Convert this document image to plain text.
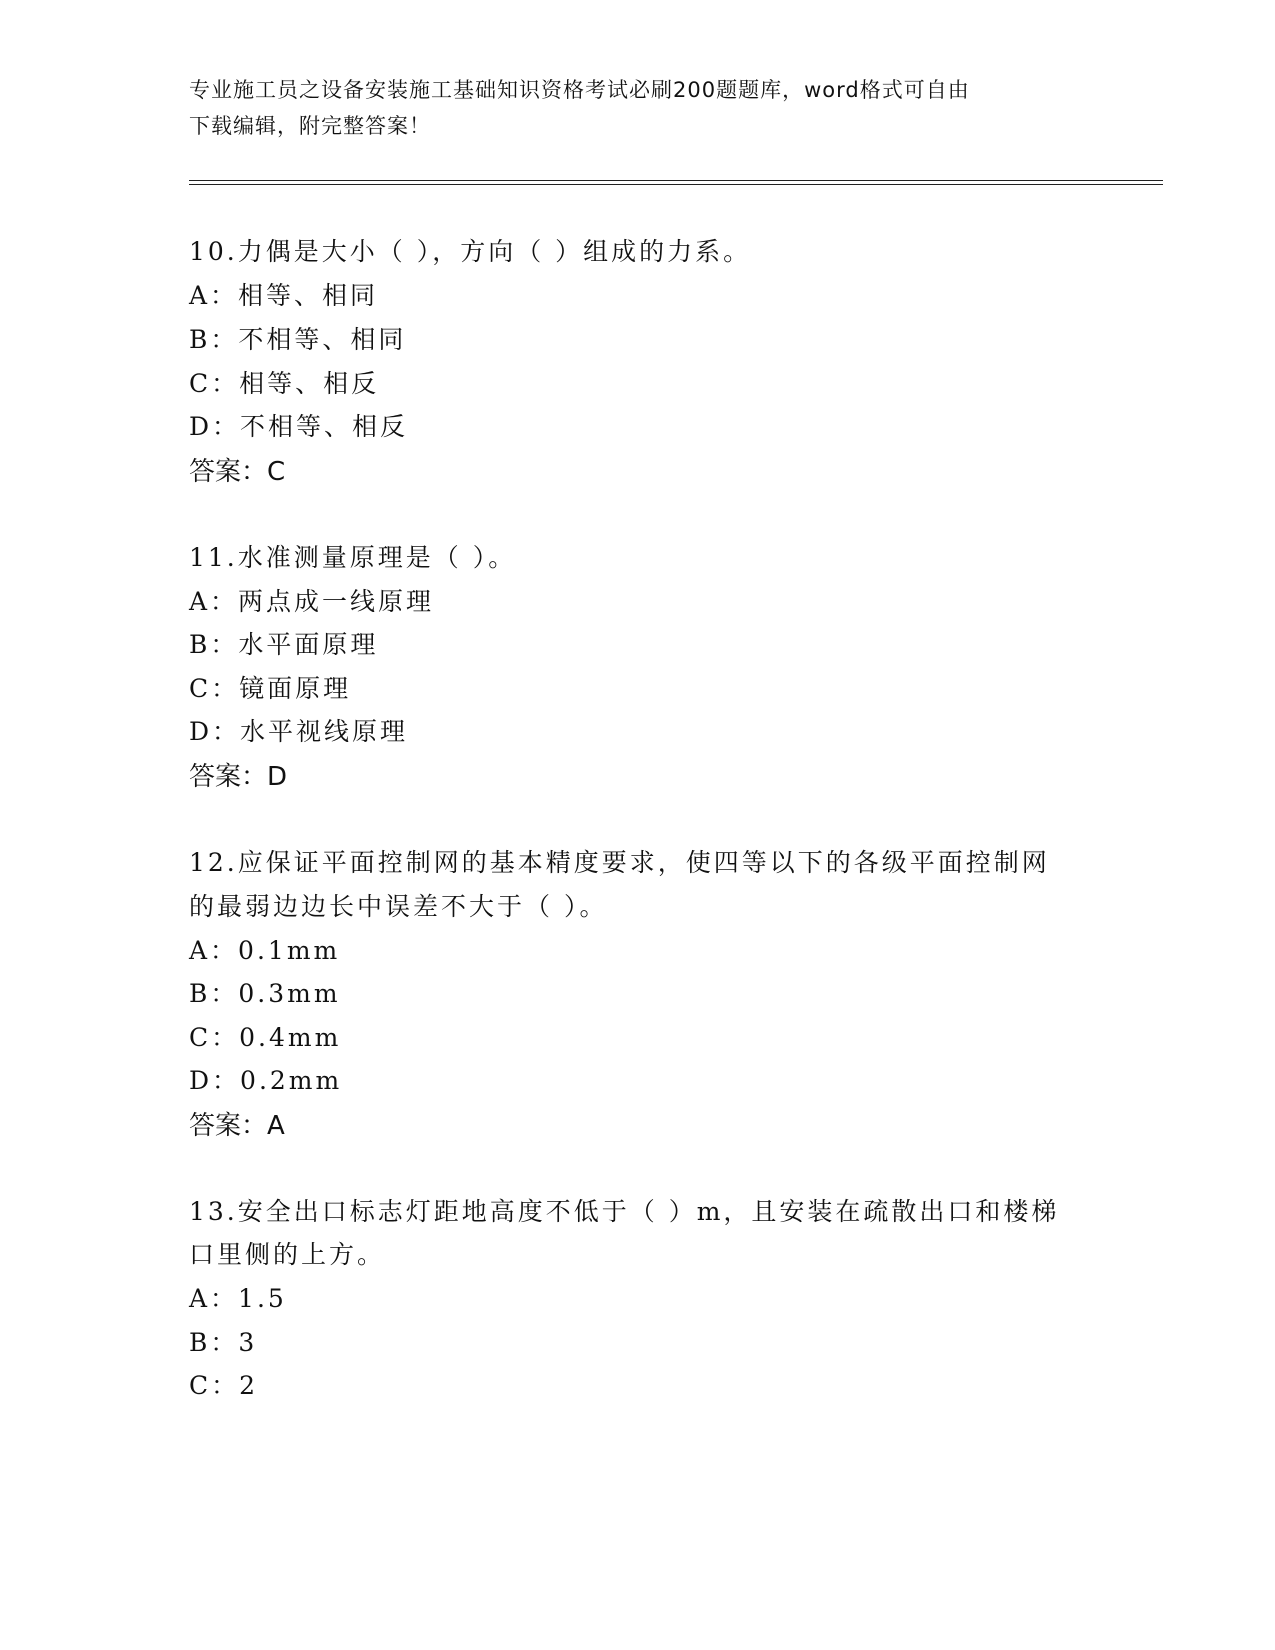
专业施工员之设备安装施工基础知识资格考试必刷200题题库，word格式可自由
下载编辑，附完整答案！
10.力偶是大小（ ），方向（ ）组成的力系。
A：相等、相同
B：不相等、相同
C：相等、相反
D：不相等、相反
答案：C
11.水准测量原理是（ ）。
A：两点成一线原理
B：水平面原理
C：镜面原理
D：水平视线原理
答案：D
12.应保证平面控制网的基本精度要求，使四等以下的各级平面控制网
的最弱边边长中误差不大于（ ）。
A：0.1mm
B：0.3mm
C：0.4mm
D：0.2mm
答案：A
13.安全出口标志灯距地高度不低于（ ）m，且安装在疏散出口和楼梯
口里侧的上方。
A：1.5
B：3
C：2
